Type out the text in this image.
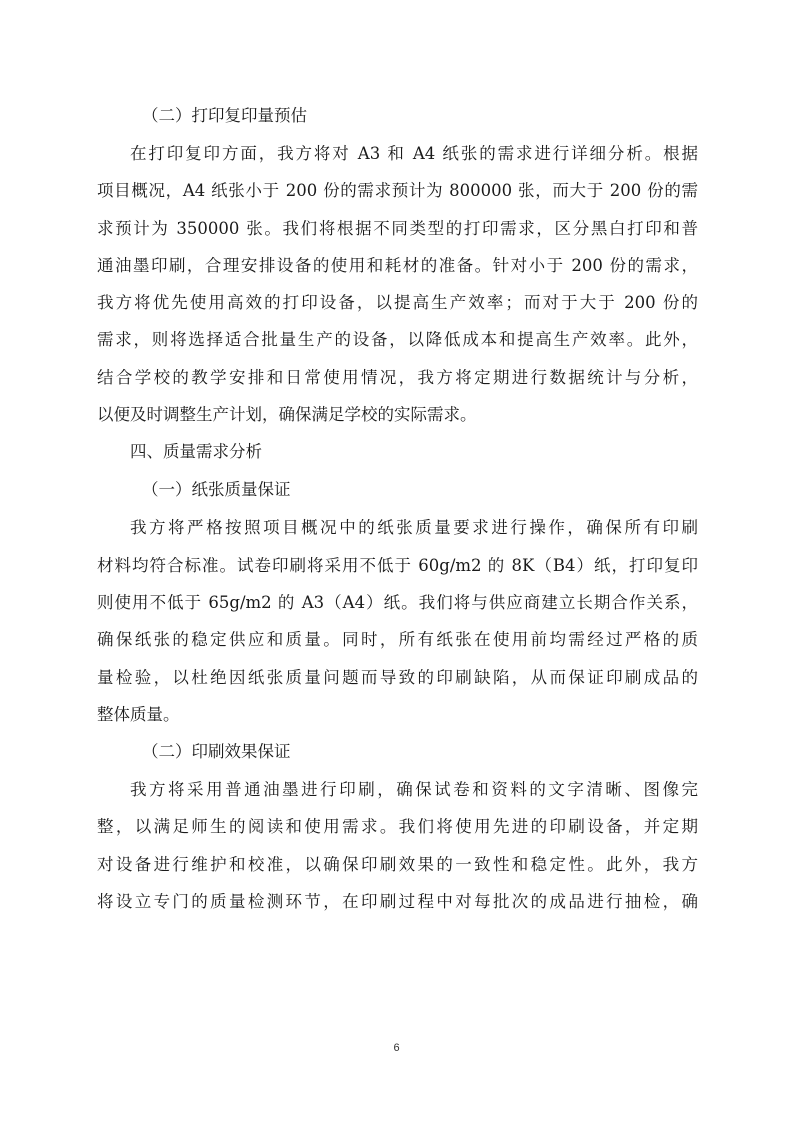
（二）打印复印量预估
在打印复印方面，我方将对 A3 和 A4 纸张的需求进行详细分析。根据
项目概况，A4 纸张小于 200 份的需求预计为 800000 张，而大于 200 份的需
求预计为 350000 张。我们将根据不同类型的打印需求，区分黑白打印和普
通油墨印刷，合理安排设备的使用和耗材的准备。针对小于 200 份的需求，
我方将优先使用高效的打印设备，以提高生产效率；而对于大于 200 份的
需求，则将选择适合批量生产的设备，以降低成本和提高生产效率。此外，
结合学校的教学安排和日常使用情况，我方将定期进行数据统计与分析，
以便及时调整生产计划，确保满足学校的实际需求。
四、质量需求分析
（一）纸张质量保证
我方将严格按照项目概况中的纸张质量要求进行操作，确保所有印刷
材料均符合标准。试卷印刷将采用不低于 60g/m2 的 8K（B4）纸，打印复印
则使用不低于 65g/m2 的 A3（A4）纸。我们将与供应商建立长期合作关系，
确保纸张的稳定供应和质量。同时，所有纸张在使用前均需经过严格的质
量检验，以杜绝因纸张质量问题而导致的印刷缺陷，从而保证印刷成品的
整体质量。
（二）印刷效果保证
我方将采用普通油墨进行印刷，确保试卷和资料的文字清晰、图像完
整，以满足师生的阅读和使用需求。我们将使用先进的印刷设备，并定期
对设备进行维护和校准，以确保印刷效果的一致性和稳定性。此外，我方
将设立专门的质量检测环节，在印刷过程中对每批次的成品进行抽检，确
6
